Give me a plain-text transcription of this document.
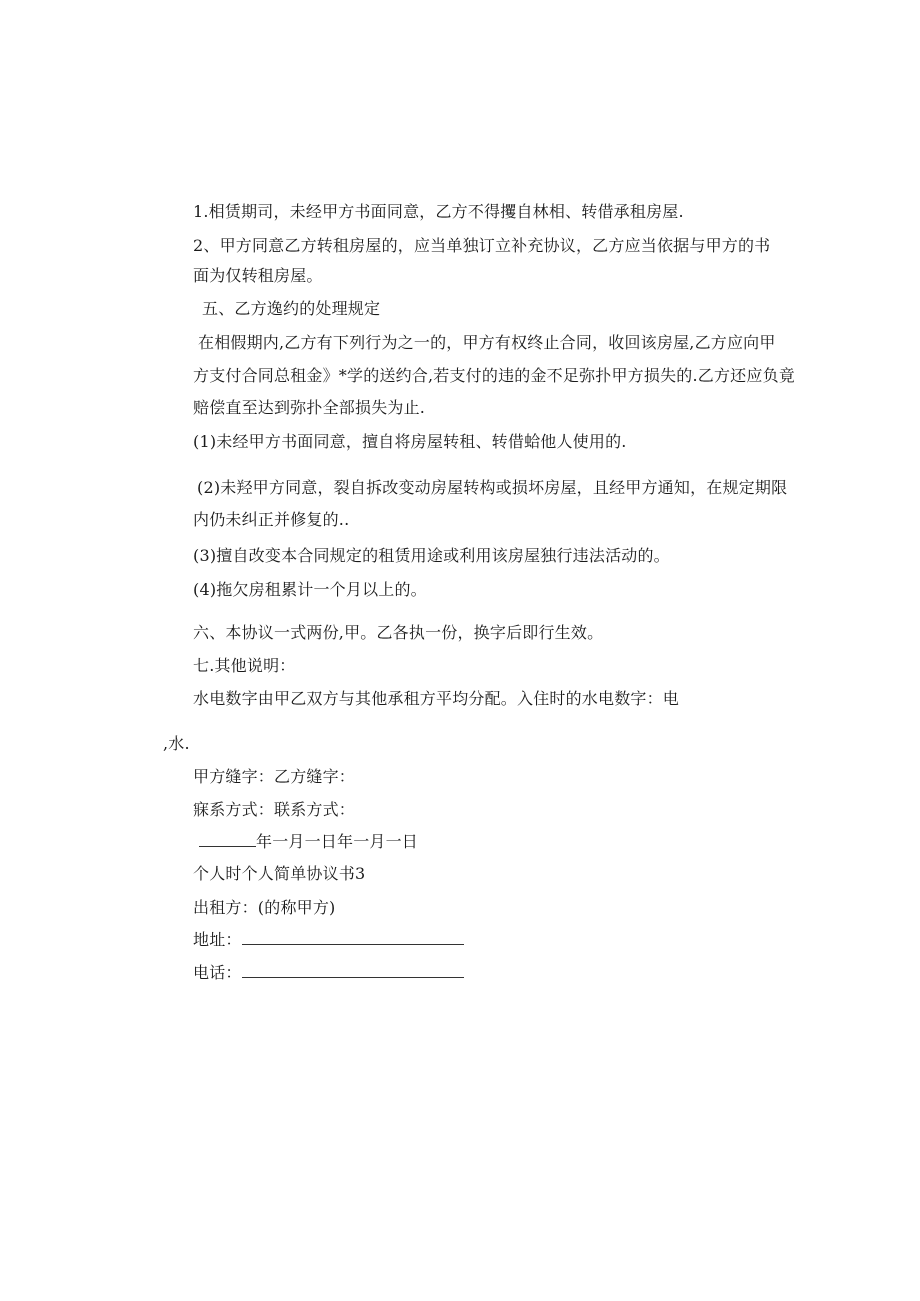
1.相赁期司，未经甲方书面同意，乙方不得攫自林相、转借承租房屋.
2、甲方同意乙方转租房屋的，应当单独订立补充协议，乙方应当依据与甲方的书
面为仅转租房屋。
五、乙方逸约的处理规定
在相假期内,乙方有下列行为之一的，甲方有权终止合同，收回该房屋,乙方应向甲
方支付合同总租金》*学的送约合,若支付的违的金不足弥扑甲方损失的.乙方还应负竟
赔偿直至达到弥扑全部损失为止.
(1)未经甲方书面同意，擅自将房屋转租、转借蛤他人使用的.
(2)未羟甲方同意，裂自拆改变动房屋转构或损坏房屋，且经甲方通知，在规定期限
内仍未纠正并修复的..
(3)擅自改变本合同规定的租赁用途或利用该房屋独行违法活动的。
(4)拖欠房租累计一个月以上的。
六、本协议一式两份,甲。乙各执一份，换字后即行生效。
七.其他说明：
水电数字由甲乙双方与其他承租方平均分配。入住时的水电数字：电
,水.
甲方缝字：乙方缝字：
寐系方式：联系方式：
年一月一日年一月一日
个人时个人简单协议书3
出租方：(的称甲方)
地址：
电话：
